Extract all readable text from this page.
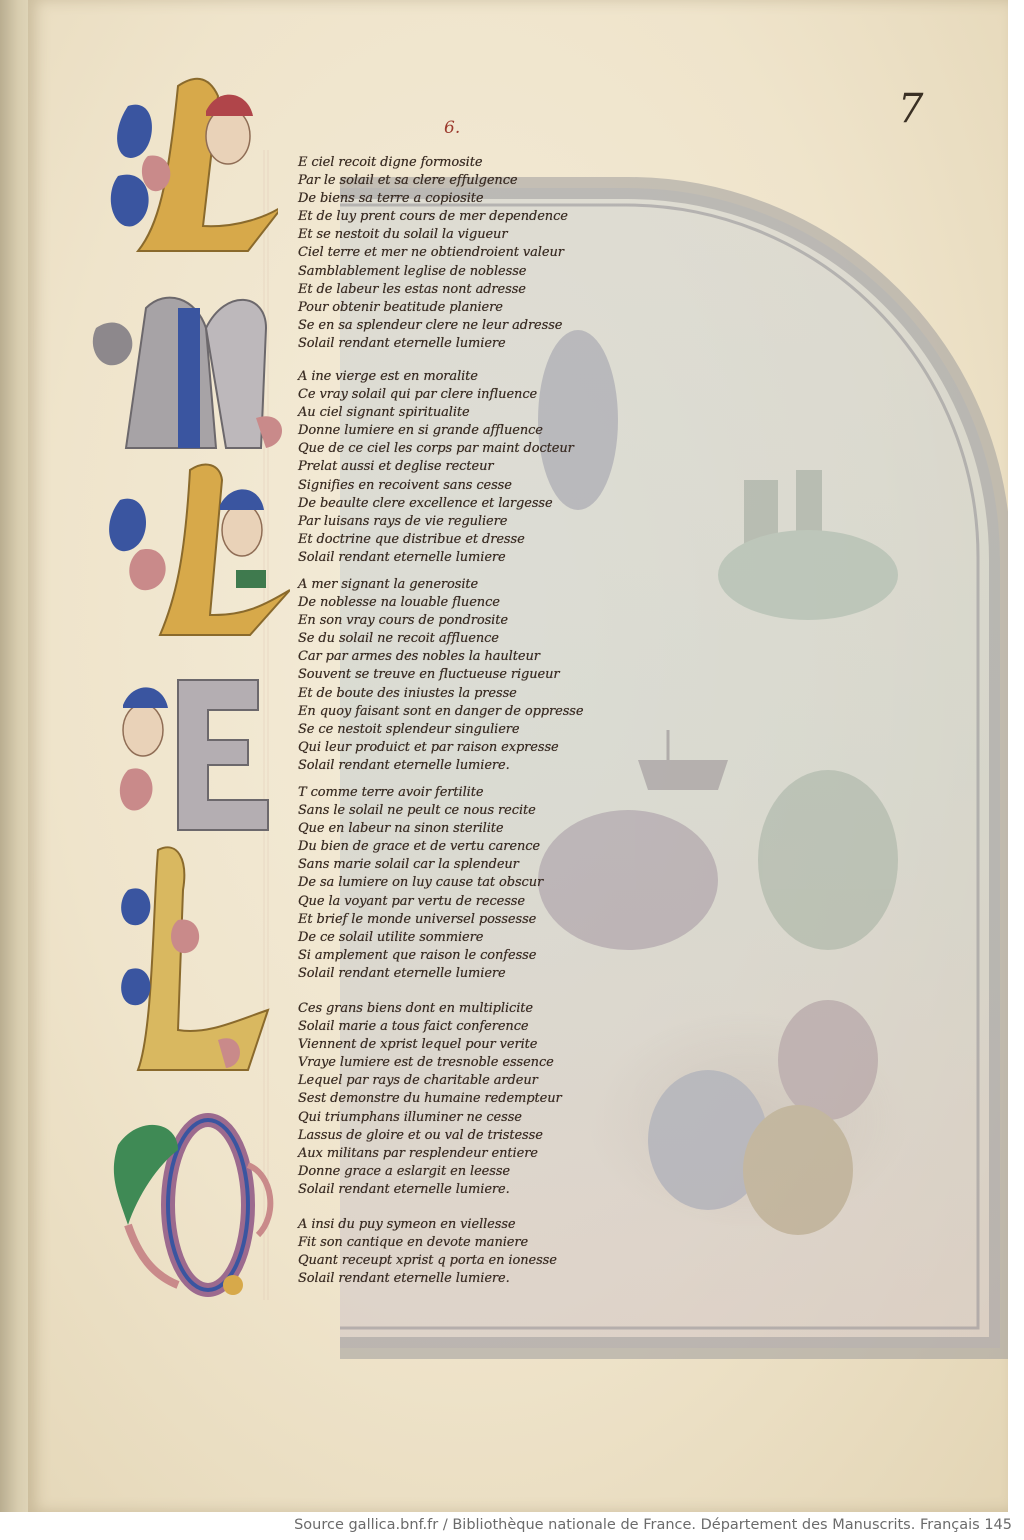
7
6.
E ciel recoit digne formosite
Par le solail et sa clere effulgence
De biens sa terre a copiosite
Et de luy prent cours de mer dependence
Et se nestoit du solail la vigueur
Ciel terre et mer ne obtiendroient valeur
Samblablement leglise de noblesse
Et de labeur les estas nont adresse
Pour obtenir beatitude planiere
Se en sa splendeur clere ne leur adresse
Solail rendant eternelle lumiere
A ine vierge est en moralite
Ce vray solail qui par clere influence
Au ciel signant spiritualite
Donne lumiere en si grande affluence
Que de ce ciel les corps par maint docteur
Prelat aussi et deglise recteur
Signifies en recoivent sans cesse
De beaulte clere excellence et largesse
Par luisans rays de vie reguliere
Et doctrine que distribue et dresse
Solail rendant eternelle lumiere
A mer signant la generosite
De noblesse na louable fluence
En son vray cours de pondrosite
Se du solail ne recoit affluence
Car par armes des nobles la haulteur
Souvent se treuve en fluctueuse rigueur
Et de boute des iniustes la presse
En quoy faisant sont en danger de oppresse
Se ce nestoit splendeur singuliere
Qui leur produict et par raison expresse
Solail rendant eternelle lumiere.
T comme terre avoir fertilite
Sans le solail ne peult ce nous recite
Que en labeur na sinon sterilite
Du bien de grace et de vertu carence
Sans marie solail car la splendeur
De sa lumiere on luy cause tat obscur
Que la voyant par vertu de recesse
Et brief le monde universel possesse
De ce solail utilite sommiere
Si amplement que raison le confesse
Solail rendant eternelle lumiere
Ces grans biens dont en multiplicite
Solail marie a tous faict conference
Viennent de xprist lequel pour verite
Vraye lumiere est de tresnoble essence
Lequel par rays de charitable ardeur
Sest demonstre du humaine redempteur
Qui triumphans illuminer ne cesse
Lassus de gloire et ou val de tristesse
Aux militans par resplendeur entiere
Donne grace a eslargit en leesse
Solail rendant eternelle lumiere.
A insi du puy symeon en viellesse
Fit son cantique en devote maniere
Quant receupt xprist q porta en ionesse
Solail rendant eternelle lumiere.
Source gallica.bnf.fr / Bibliothèque nationale de France. Département des Manuscrits. Français 145
